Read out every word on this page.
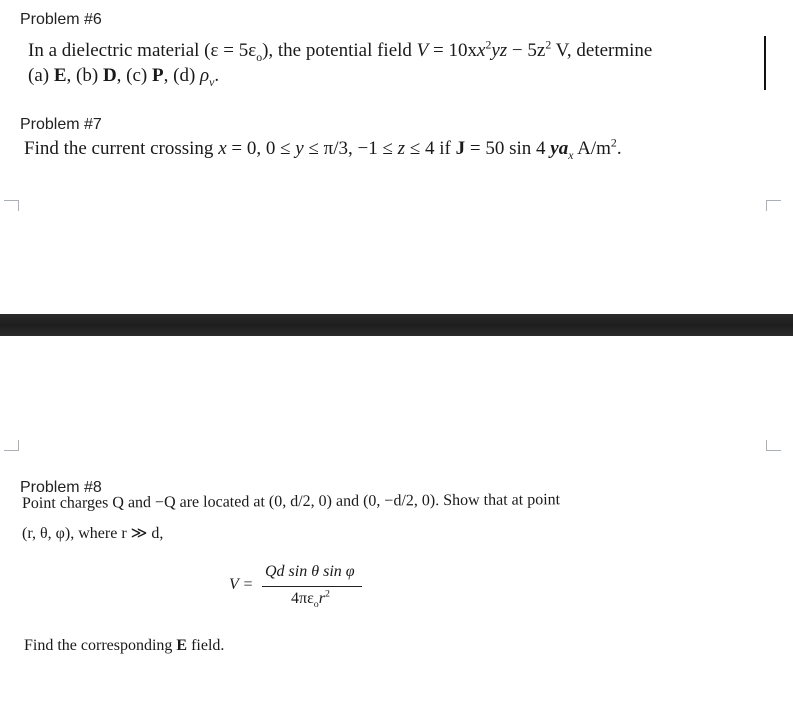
Problem #6
In a dielectric material $(\varepsilon = 5\varepsilon_o)$, the potential field $V = 10xx^2yz - 5z^2$ V, determine
(a) E, (b) D, (c) P, (d) $\rho_v$.
Problem #7
Find the current crossing x = 0, 0 ≤ y ≤ π/3, −1 ≤ z ≤ 4 if J = 50 sin 4 $ya_x$ $A/m^2$.
Problem #8
Point charges Q and −Q are located at (0, d/2, 0) and (0, −d/2, 0). Show that at point
(r, θ, φ), where r ≫ d,
V =
Qd sin θ sin φ
$4\pi\varepsilon_or^2$
Find the corresponding E field.
